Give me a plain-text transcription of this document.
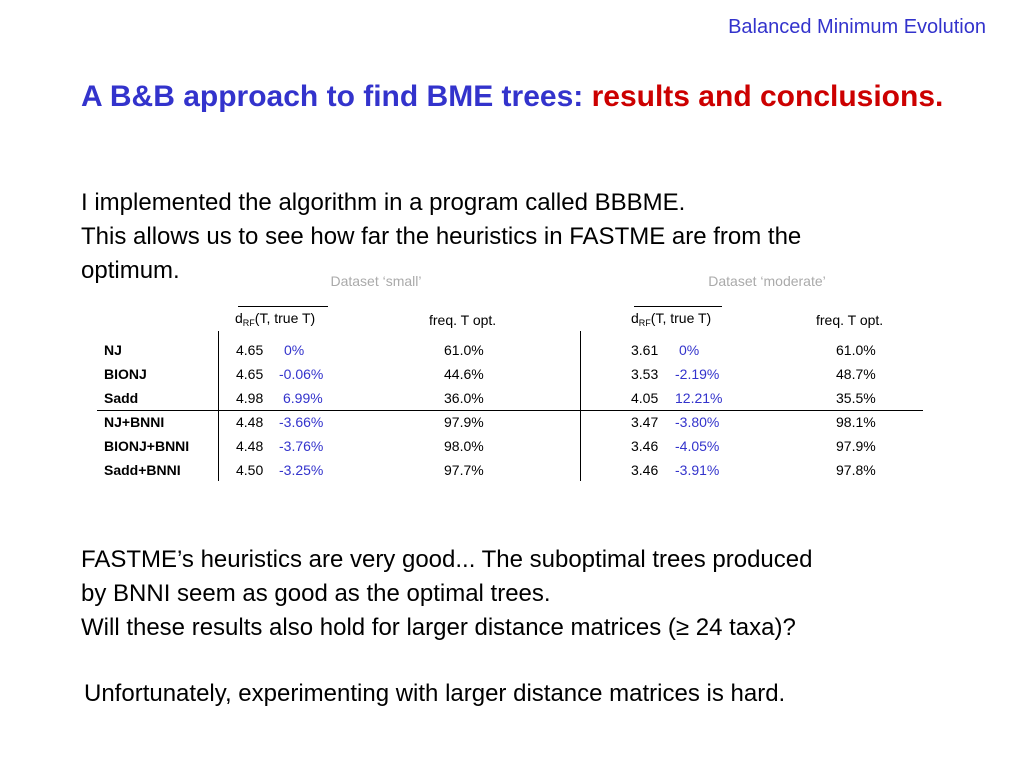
Balanced Minimum Evolution
A B&B approach to find BME trees: results and conclusions.
I implemented the algorithm in a program called BBBME.
This allows us to see how far the heuristics in FASTME are from the
optimum.	Dataset ‘small’	Dataset ‘moderate’
$d_{RF}(T$, true T)	freq. T opt.	$d_{RF}(T$, true T)	freq. T opt.
NJ	4.65 0%	61.0%	3.61 0%	61.0%
BIONJ	4.65 -0.06%	44.6%	3.53 -2.19%	48.7%
Sadd	4.98 6.99%	36.0%	4.05 12.21%	35.5%
NJ+BNNI	4.48 -3.66%	97.9%	3.47 -3.80%	98.1%
BIONJ+BNNI	4.48 -3.76%	98.0%	3.46 -4.05%	97.9%
Sadd+BNNI	4.50 -3.25%	97.7%	3.46 -3.91%	97.8%
FASTME’s heuristics are very good... The suboptimal trees produced
by BNNI seem as good as the optimal trees.
Will these results also hold for larger distance matrices (≥ 24 taxa)?
Unfortunately, experimenting with larger distance matrices is hard.
